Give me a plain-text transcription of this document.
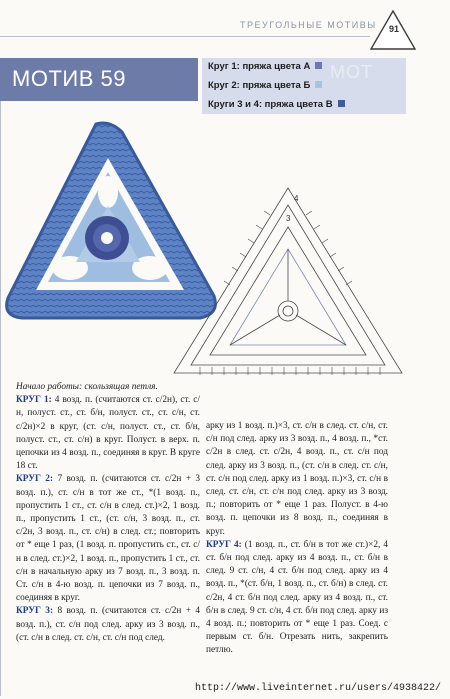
ТРЕУГОЛЬНЫЕ МОТИВЫ	91
МОТИВ 59	МОТ
Круг 1: пряжа цвета А
Круг 2: пряжа цвета Б
Круги 3 и 4: пряжа цвета В
3
4

Начало работы: скользящая петля.

КРУГ 1: 4 возд. п. (считаются ст. с/2н), ст. с/н, полуст. ст., ст. б/н, полуст. ст., ст. с/н, ст. с/2н)×2 в круг, (ст. с/н, полуст. ст., ст. б/н, полуст. ст., ст. с/н) в круг. Полуст. в верх. п. цепочки из 4 возд. п., соединяя в круг. В круге 18 ст.

КРУГ 2: 7 возд. п. (считаются ст. с/2н + 3 возд. п.), ст. с/н в тот же ст., *(1 возд. п., пропустить 1 ст., ст. с/н в след. ст.)×2, 1 возд. п., пропустить 1 ст., (ст. с/н, 3 возд. п., ст. с/2н, 3 возд. п., ст. с/н) в след. ст.; повторить от * еще 1 раз, (1 возд. п. пропустить ст., ст. с/н в след. ст.)×2, 1 возд. п., пропустить 1 ст., ст. с/н в начальную арку из 7 возд. п., 3 возд. п. Ст. с/н в 4-ю возд. п. цепочки из 7 возд. п., соединяя в круг.

КРУГ 3: 8 возд. п. (считаются ст. с/2н + 4 возд. п.), ст. с/н под след. арку из 3 возд. п., (ст. с/н в след. ст. с/н, ст. с/н под след.

арку из 1 возд. п.)×3, ст. с/н в след. ст. с/н, ст. с/н под след. арку из 3 возд. п., 4 возд. п., *ст. с/2н в след. ст. с/2н, 4 возд. п., ст. с/н под след. арку из 3 возд. п., (ст. с/н в след. ст. с/н, ст. с/н под след. арку из 1 возд. п.)×3, ст. с/н в след. ст. с/н, ст. с/н под след. арку из 3 возд. п.; повторить от * еще 1 раз. Полуст. в 4-ю возд. п. цепочки из 8 возд. п., соединяя в круг.

КРУГ 4: (1 возд. п., ст. б/н в тот же ст.)×2, 4 ст. б/н под след. арку из 4 возд. п., ст. б/н в след. 9 ст. с/н, 4 ст. б/н под след. арку из 4 возд. п., *(ст. б/н, 1 возд. п., ст. б/н) в след. ст. с/2н, 4 ст. б/н под след. арку из 4 возд. п., ст. б/н в след. 9 ст. с/н, 4 ст. б/н под след. арку из 4 возд. п.; повторить от * еще 1 раз. Соед. с первым ст. б/н. Отрезать нить, закрепить петлю.

http://www.liveinternet.ru/users/4938422/
